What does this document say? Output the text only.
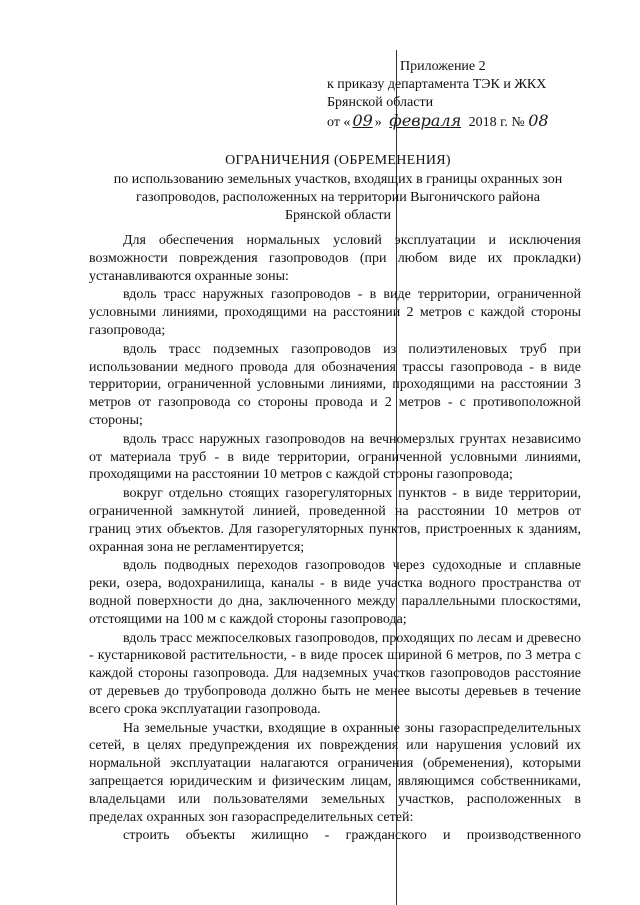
Приложение 2
к приказу департамента ТЭК и ЖКХ
Брянской области
от « 09 » февраля 2018 г. № 08
ОГРАНИЧЕНИЯ (ОБРЕМЕНЕНИЯ)
по использованию земельных участков, входящих в границы охранных зон
газопроводов, расположенных на территории Выгоничского района
Брянской области

Для обеспечения нормальных условий эксплуатации и исключения возможности повреждения газопроводов (при любом виде их прокладки) устанавливаются охранные зоны:

вдоль трасс наружных газопроводов - в виде территории, ограниченной условными линиями, проходящими на расстоянии 2 метров с каждой стороны газопровода;

вдоль трасс подземных газопроводов из полиэтиленовых труб при использовании медного провода для обозначения трассы газопровода - в виде территории, ограниченной условными линиями, проходящими на расстоянии 3 метров от газопровода со стороны провода и 2 метров - с противоположной стороны;

вдоль трасс наружных газопроводов на вечномерзлых грунтах независимо от материала труб - в виде территории, ограниченной условными линиями, проходящими на расстоянии 10 метров с каждой стороны газопровода;

вокруг отдельно стоящих газорегуляторных пунктов - в виде территории, ограниченной замкнутой линией, проведенной на расстоянии 10 метров от границ этих объектов. Для газорегуляторных пунктов, пристроенных к зданиям, охранная зона не регламентируется;

вдоль подводных переходов газопроводов через судоходные и сплавные реки, озера, водохранилища, каналы - в виде участка водного пространства от водной поверхности до дна, заключенного между параллельными плоскостями, отстоящими на 100 м с каждой стороны газопровода;

вдоль трасс межпоселковых газопроводов, проходящих по лесам и древесно - кустарниковой растительности, - в виде просек шириной 6 метров, по 3 метра с каждой стороны газопровода. Для надземных участков газопроводов расстояние от деревьев до трубопровода должно быть не менее высоты деревьев в течение всего срока эксплуатации газопровода.

На земельные участки, входящие в охранные зоны газораспределительных сетей, в целях предупреждения их повреждения или нарушения условий их нормальной эксплуатации налагаются ограничения (обременения), которыми запрещается юридическим и физическим лицам, являющимся собственниками, владельцами или пользователями земельных участков, расположенных в пределах охранных зон газораспределительных сетей:

строить объекты жилищно - гражданского и производственного
